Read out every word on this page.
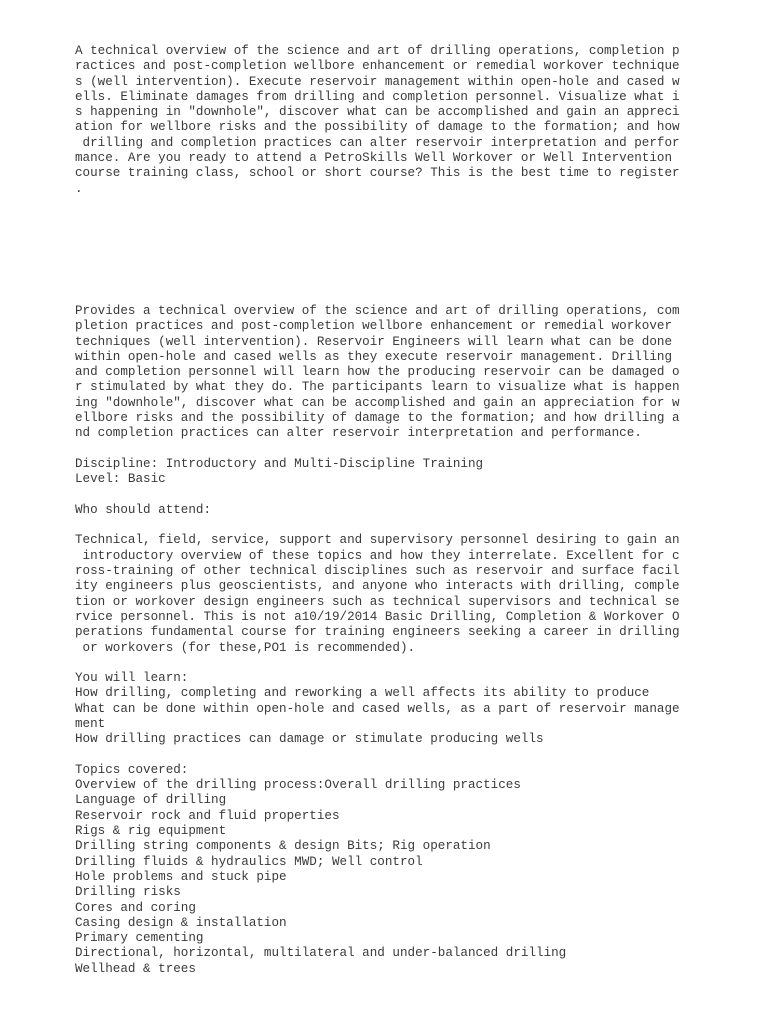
A technical overview of the science and art of drilling operations, completion p
ractices and post-completion wellbore enhancement or remedial workover technique
s (well intervention). Execute reservoir management within open-hole and cased w
ells. Eliminate damages from drilling and completion personnel. Visualize what i
s happening in "downhole", discover what can be accomplished and gain an appreci
ation for wellbore risks and the possibility of damage to the formation; and how
drilling and completion practices can alter reservoir interpretation and perfor
mance. Are you ready to attend a PetroSkills Well Workover or Well Intervention
course training class, school or short course? This is the best time to register
.
Provides a technical overview of the science and art of drilling operations, com
pletion practices and post-completion wellbore enhancement or remedial workover
techniques (well intervention). Reservoir Engineers will learn what can be done
within open-hole and cased wells as they execute reservoir management. Drilling
and completion personnel will learn how the producing reservoir can be damaged o
r stimulated by what they do. The participants learn to visualize what is happen
ing "downhole", discover what can be accomplished and gain an appreciation for w
ellbore risks and the possibility of damage to the formation; and how drilling a
nd completion practices can alter reservoir interpretation and performance.
Discipline: Introductory and Multi-Discipline Training
Level: Basic
Who should attend:
Technical, field, service, support and supervisory personnel desiring to gain an
introductory overview of these topics and how they interrelate. Excellent for c
ross-training of other technical disciplines such as reservoir and surface facil
ity engineers plus geoscientists, and anyone who interacts with drilling, comple
tion or workover design engineers such as technical supervisors and technical se
rvice personnel. This is not a10/19/2014 Basic Drilling, Completion & Workover O
perations fundamental course for training engineers seeking a career in drilling
or workovers (for these,PO1 is recommended).
You will learn:
How drilling, completing and reworking a well affects its ability to produce
What can be done within open-hole and cased wells, as a part of reservoir manage
ment
How drilling practices can damage or stimulate producing wells
Topics covered:
Overview of the drilling process:Overall drilling practices
Language of drilling
Reservoir rock and fluid properties
Rigs & rig equipment
Drilling string components & design Bits; Rig operation
Drilling fluids & hydraulics MWD; Well control
Hole problems and stuck pipe
Drilling risks
Cores and coring
Casing design & installation
Primary cementing
Directional, horizontal, multilateral and under-balanced drilling
Wellhead & trees
